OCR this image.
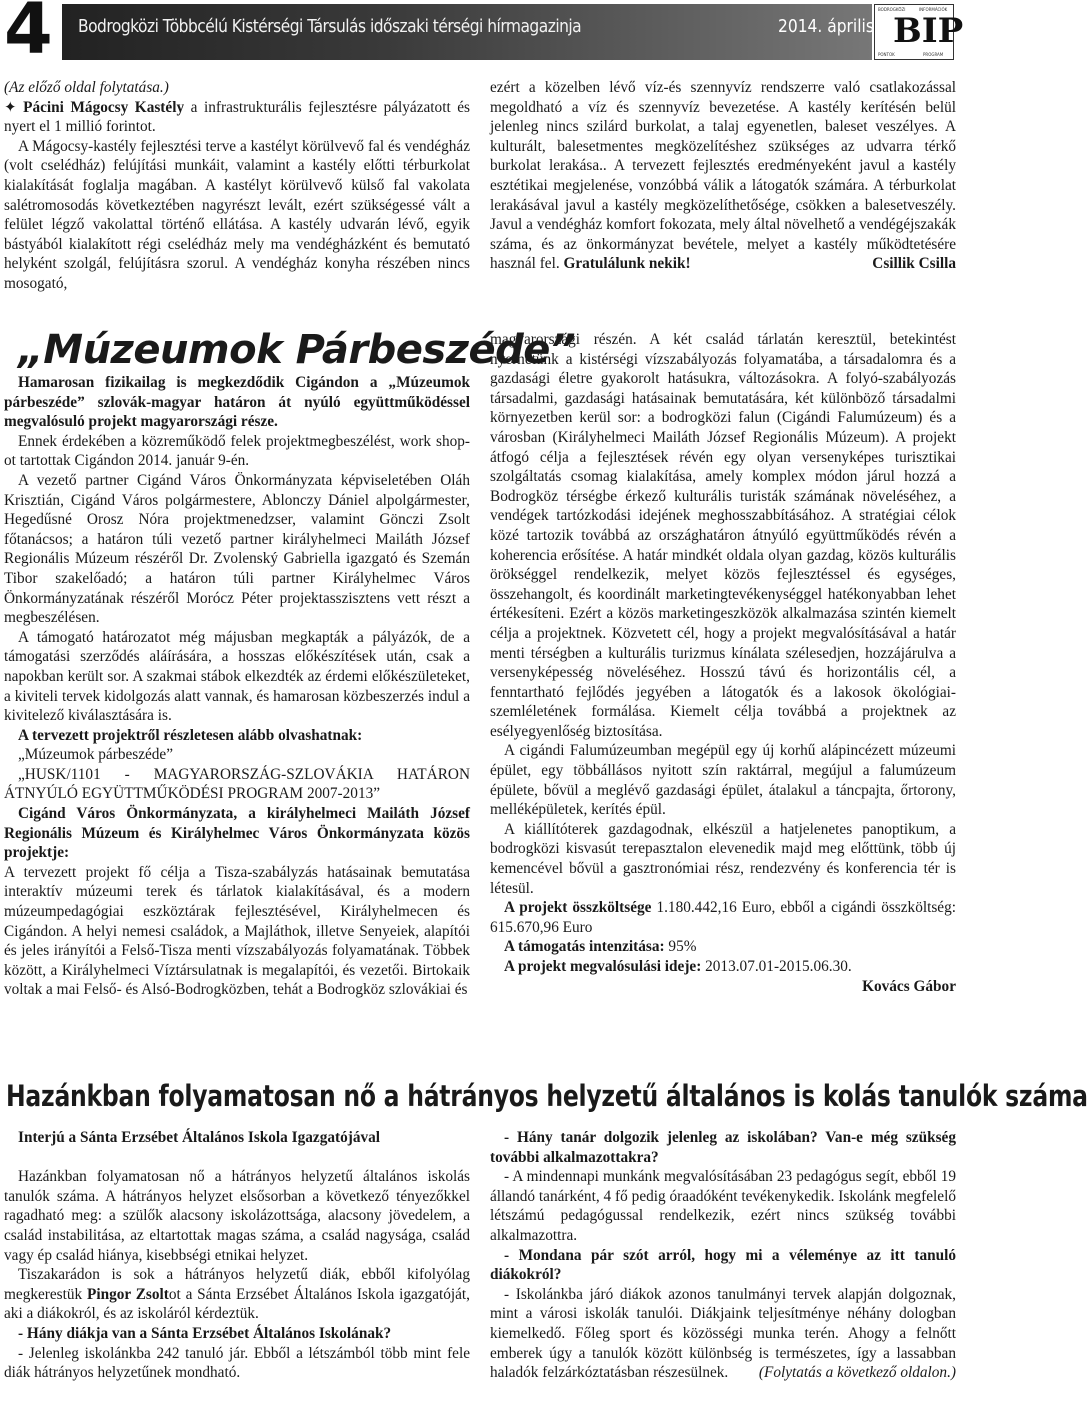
4	Bodrogközi Többcélú Kistérségi Társulás időszaki térségi hírmagazinja	2014. április
BODROGKÖZI	INFORMÁCIÓK
BIP
PONTOK	PROGRAM

(Az előző oldal folytatása.)

✦ Pácini Mágocsy Kastély a infrastrukturális fejlesztésre pályázatott és nyert el 1 millió forintot.

A Mágocsy-kastély fejlesztési terve a kastélyt körülvevő fal és vendégház (volt cselédház) felújítási munkáit, valamint a kastély előtti térburkolat kialakítását foglalja magában. A kastélyt körülvevő külső fal vakolata salétromosodás következtében nagyrészt levált, ezért szükségessé vált a felület légző vakolattal történő ellátása. A kastély udvarán lévő, egyik bástyából kialakított régi cselédház mely ma vendégházként és bemutató helyként szolgál, felújításra szorul. A vendégház konyha részében nincs mosogató,

ezért a közelben lévő víz-és szennyvíz rendszerre való csatlakozással megoldható a víz és szennyvíz bevezetése. A kastély kerítésén belül jelenleg nincs szilárd burkolat, a talaj egyenetlen, baleset veszélyes. A kulturált, balesetmentes megközelítéshez szükséges az udvarra térkő burkolat lerakása.. A tervezett fejlesztés eredményeként javul a kastély esztétikai megjelenése, vonzóbbá válik a látogatók számára. A térburkolat lerakásával javul a kastély megközelíthetősége, csökken a balesetveszély. Javul a vendégház komfort fokozata, mely által növelhető a vendégéjszakák száma, és az önkormányzat bevétele, melyet a kastély működtetésére használ fel. Gratulálunk nekik!	Csillik Csilla

„Múzeumok Párbeszéde”

Hamarosan fizikailag is megkezdődik Cigándon a „Múzeumok párbeszéde” szlovák-magyar határon át nyúló együttműködéssel megvalósuló projekt magyarországi része.

Ennek érdekében a közreműködő felek projektmegbeszélést, work shop-ot tartottak Cigándon 2014. január 9-én.

A vezető partner Cigánd Város Önkormányzata képviseletében Oláh Krisztián, Cigánd Város polgármestere, Ablonczy Dániel alpolgármester, Hegedűsné Orosz Nóra projektmenedzser, valamint Gönczi Zsolt főtanácsos; a határon túli vezető partner királyhelmeci Mailáth József Regionális Múzeum részéről Dr. Zvolenský Gabriella igazgató és Szemán Tibor szakelőadó; a határon túli partner Királyhelmec Város Önkormányzatának részéről Morócz Péter projektasszisztens vett részt a megbeszélésen.

A támogató határozatot még májusban megkapták a pályázók, de a támogatási szerződés aláírására, a hosszas előkészítések után, csak a napokban került sor. A szakmai stábok elkezdték az érdemi előkészületeket, a kiviteli tervek kidolgozás alatt vannak, és hamarosan közbeszerzés indul a kivitelező kiválasztására is.

A tervezett projektről részletesen alább olvashatnak:

„Múzeumok párbeszéde”

„HUSK/1101 - MAGYARORSZÁG-SZLOVÁKIA HATÁRON ÁTNYÚLÓ EGYÜTTMŰKÖDÉSI PROGRAM 2007-2013”

Cigánd Város Önkormányzata, a királyhelmeci Mailáth József Regionális Múzeum és Királyhelmec Város Önkormányzata közös projektje:

A tervezett projekt fő célja a Tisza-szabályzás hatásainak bemutatása interaktív múzeumi terek és tárlatok kialakításával, és a modern múzeumpedagógiai eszköztárak fejlesztésével, Királyhelmecen és Cigándon. A helyi nemesi családok, a Majláthok, illetve Senyeiek, alapítói és jeles irányítói a Felső-Tisza menti vízszabályozás folyamatának. Többek között, a Királyhelmeci Víztársulatnak is megalapítói, és vezetői. Birtokaik voltak a mai Felső- és Alsó-Bodrogközben, tehát a Bodrogköz szlovákiai és

magyarországi részén. A két család tárlatán keresztül, betekintést nyerhetünk a kistérségi vízszabályozás folyamatába, a társadalomra és a gazdasági életre gyakorolt hatásukra, változásokra. A folyó-szabályozás társadalmi, gazdasági hatásainak bemutatására, két különböző társadalmi környezetben kerül sor: a bodrogközi falun (Cigándi Falumúzeum) és a városban (Királyhelmeci Mailáth József Regionális Múzeum). A projekt átfogó célja a fejlesztések révén egy olyan versenyképes turisztikai szolgáltatás csomag kialakítása, amely komplex módon járul hozzá a Bodrogköz térségbe érkező kulturális turisták számának növeléséhez, a vendégek tartózkodási idejének meghosszabbításához. A stratégiai célok közé tartozik továbbá az országhatáron átnyúló együttműködés révén a koherencia erősítése. A határ mindkét oldala olyan gazdag, közös kulturális örökséggel rendelkezik, melyet közös fejlesztéssel és egységes, összehangolt, és koordinált marketingtevékenységgel hatékonyabban lehet értékesíteni. Ezért a közös marketingeszközök alkalmazása szintén kiemelt célja a projektnek. Közvetett cél, hogy a projekt megvalósításával a határ menti térségben a kulturális turizmus kínálata szélesedjen, hozzájárulva a versenyképesség növeléséhez. Hosszú távú és horizontális cél, a fenntartható fejlődés jegyében a látogatók és a lakosok ökológiai-szemléletének formálása. Kiemelt célja továbbá a projektnek az esélyegyenlőség biztosítása.

A cigándi Falumúzeumban megépül egy új korhű alápincézett múzeumi épület, egy többállásos nyitott szín raktárral, megújul a falumúzeum épülete, bővül a meglévő gazdasági épület, átalakul a táncpajta, őrtorony, melléképületek, kerítés épül.

A kiállítóterek gazdagodnak, elkészül a hatjelenetes panoptikum, a bodrogközi kisvasút terepasztalon elevenedik majd meg előttünk, több új kemencével bővül a gasztronómiai rész, rendezvény és konferencia tér is létesül.

A projekt összköltsége 1.180.442,16 Euro, ebből a cigándi összköltség: 615.670,96 Euro

A támogatás intenzitása: 95%

A projekt megvalósulási ideje: 2013.07.01-2015.06.30.

Kovács Gábor

Hazánkban folyamatosan nő a hátrányos helyzetű általános is kolás tanulók száma

Interjú a Sánta Erzsébet Általános Iskola Igazgatójával

Hazánkban folyamatosan nő a hátrányos helyzetű általános iskolás tanulók száma. A hátrányos helyzet elsősorban a következő tényezőkkel ragadható meg: a szülők alacsony iskolázottsága, alacsony jövedelem, a család instabilitása, az eltartottak magas száma, a család nagysága, család vagy ép család hiánya, kisebbségi etnikai helyzet.

Tiszakarádon is sok a hátrányos helyzetű diák, ebből kifolyólag megkerestük Pingor Zsoltot a Sánta Erzsébet Általános Iskola igazgatóját, aki a diákokról, és az iskoláról kérdeztük.

- Hány diákja van a Sánta Erzsébet Általános Iskolának?

- Jelenleg iskolánkba 242 tanuló jár. Ebből a létszámból több mint fele diák hátrányos helyzetűnek mondható.

- Hány tanár dolgozik jelenleg az iskolában? Van-e még szükség további alkalmazottakra?

- A mindennapi munkánk megvalósításában 23 pedagógus segít, ebből 19 állandó tanárként, 4 fő pedig óraadóként tevékenykedik. Iskolánk megfelelő létszámú pedagógussal rendelkezik, ezért nincs szükség további alkalmazottra.

- Mondana pár szót arról, hogy mi a véleménye az itt tanuló diákokról?

- Iskolánkba járó diákok azonos tanulmányi tervek alapján dolgoznak, mint a városi iskolák tanulói. Diákjaink teljesítménye néhány dologban kiemelkedő. Főleg sport és közösségi munka terén. Ahogy a felnőtt emberek úgy a tanulók között különbség is természetes, így a lassabban haladók felzárkóztatásban részesülnek.	(Folytatás a következő oldalon.)
